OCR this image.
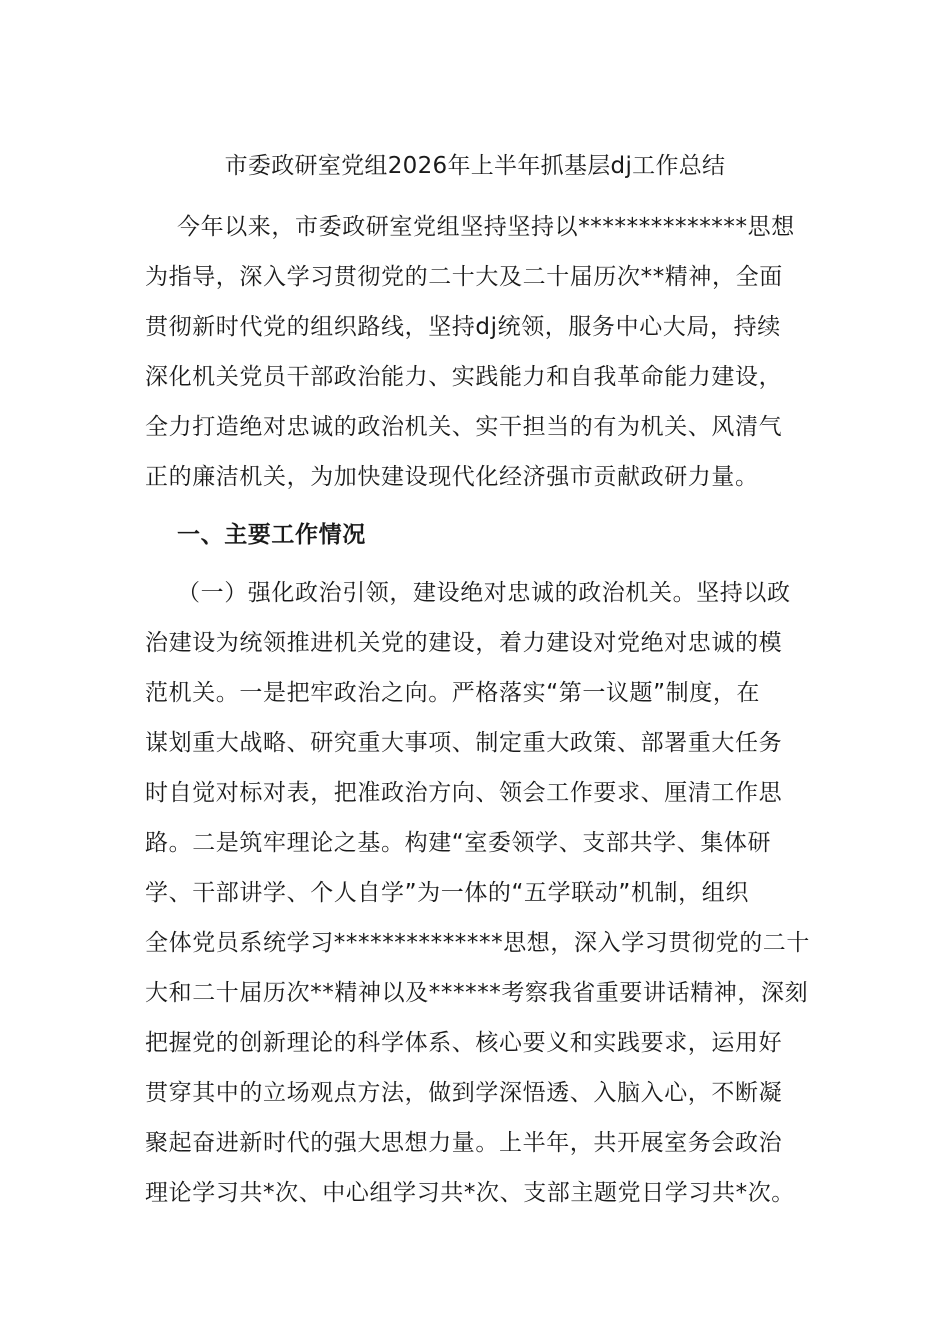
市委政研室党组2026年上半年抓基层dj工作总结
今年以来，市委政研室党组坚持坚持以**************思想
为指导，深入学习贯彻党的二十大及二十届历次**精神，全面
贯彻新时代党的组织路线，坚持dj统领，服务中心大局，持续
深化机关党员干部政治能力、实践能力和自我革命能力建设，
全力打造绝对忠诚的政治机关、实干担当的有为机关、风清气
正的廉洁机关，为加快建设现代化经济强市贡献政研力量。
一、主要工作情况
（一）强化政治引领，建设绝对忠诚的政治机关。坚持以政
治建设为统领推进机关党的建设，着力建设对党绝对忠诚的模
范机关。一是把牢政治之向。严格落实“第一议题”制度，在
谋划重大战略、研究重大事项、制定重大政策、部署重大任务
时自觉对标对表，把准政治方向、领会工作要求、厘清工作思
路。二是筑牢理论之基。构建“室委领学、支部共学、集体研
学、干部讲学、个人自学”为一体的“五学联动”机制，组织
全体党员系统学习**************思想，深入学习贯彻党的二十
大和二十届历次**精神以及******考察我省重要讲话精神，深刻
把握党的创新理论的科学体系、核心要义和实践要求，运用好
贯穿其中的立场观点方法，做到学深悟透、入脑入心，不断凝
聚起奋进新时代的强大思想力量。上半年，共开展室务会政治
理论学习共*次、中心组学习共*次、支部主题党日学习共*次。
